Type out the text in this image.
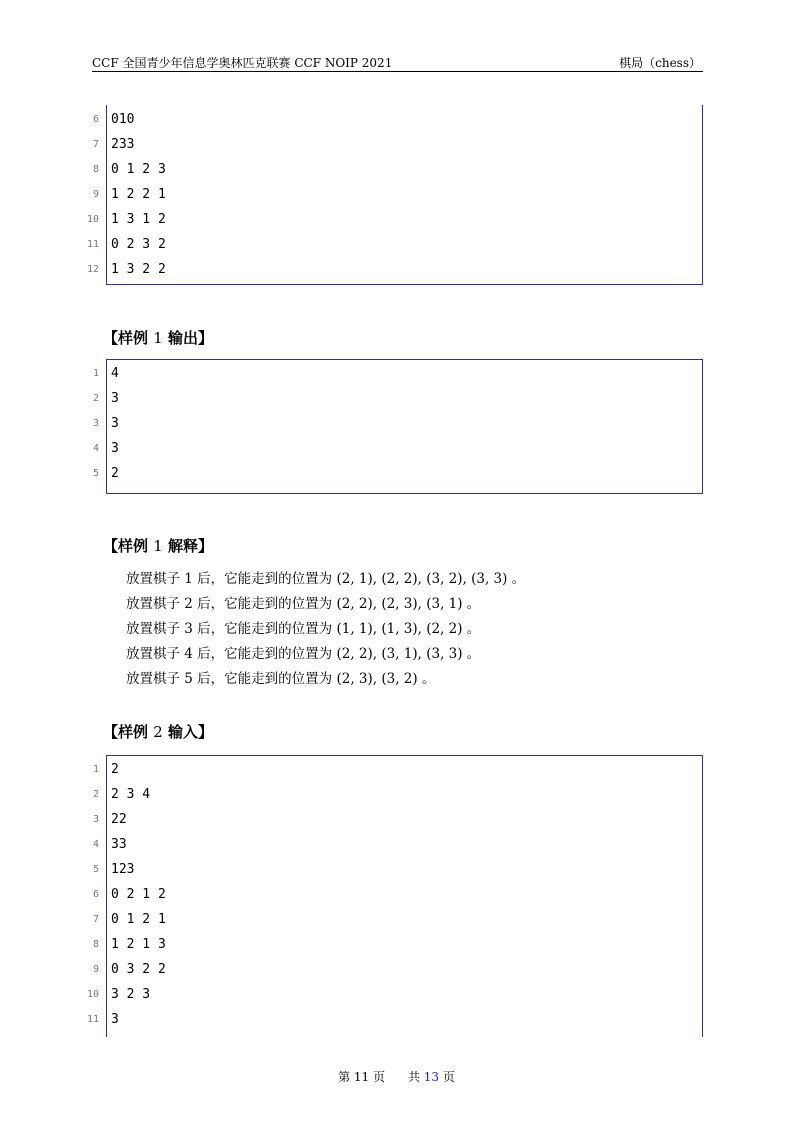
CCF 全国青少年信息学奥林匹克联赛 CCF NOIP 2021	棋局（chess）
6 010
7 233
8 0 1 2 3
9 1 2 2 1
10 1 3 1 2
11 0 2 3 2
12 1 3 2 2
【样例 1 输出】
1 4
2 3
3 3
4 3
5 2
【样例 1 解释】
放置棋子 1 后，它能走到的位置为 (2, 1), (2, 2), (3, 2), (3, 3) 。
放置棋子 2 后，它能走到的位置为 (2, 2), (2, 3), (3, 1) 。
放置棋子 3 后，它能走到的位置为 (1, 1), (1, 3), (2, 2) 。
放置棋子 4 后，它能走到的位置为 (2, 2), (3, 1), (3, 3) 。
放置棋子 5 后，它能走到的位置为 (2, 3), (3, 2) 。
【样例 2 输入】
1 2
2 2 3 4
3 22
4 33
5 123
6 0 2 1 2
7 0 1 2 1
8 1 2 1 3
9 0 3 2 2
10 3 2 3
11 3
第 11 页 共 13 页
